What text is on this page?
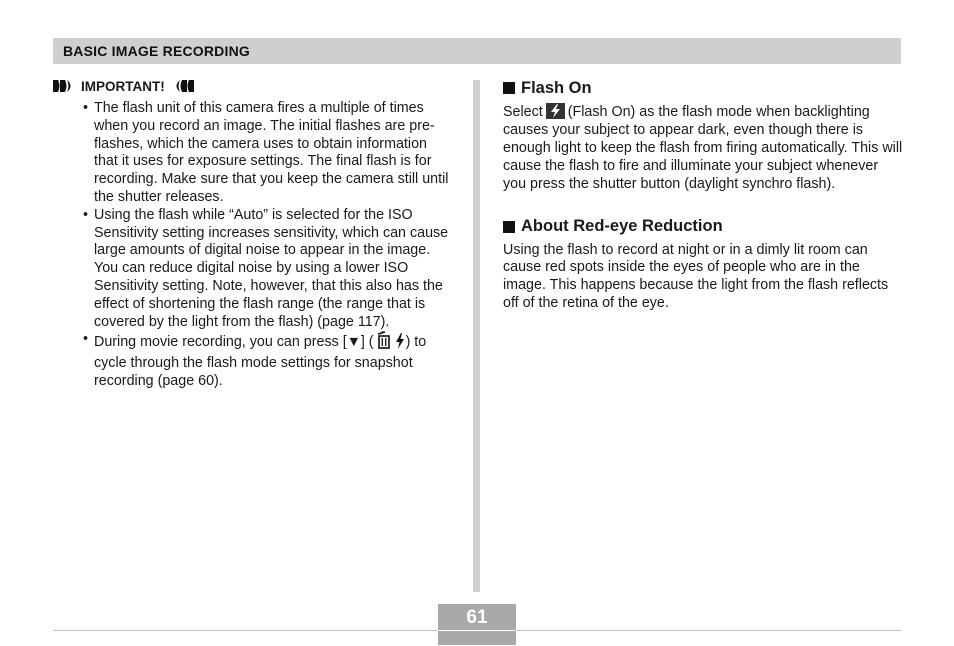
BASIC IMAGE RECORDING
IMPORTANT!
• The flash unit of this camera fires a multiple of times when you record an image. The initial flashes are pre-flashes, which the camera uses to obtain information that it uses for exposure settings. The final flash is for recording. Make sure that you keep the camera still until the shutter releases.
• Using the flash while “Auto” is selected for the ISO Sensitivity setting increases sensitivity, which can cause large amounts of digital noise to appear in the image. You can reduce digital noise by using a lower ISO Sensitivity setting. Note, however, that this also has the effect of shortening the flash range (the range that is covered by the light from the flash) (page 117).
• During movie recording, you can press [▼] ( ) to cycle through the flash mode settings for snapshot recording (page 60).
Flash On

Select (Flash On) as the flash mode when backlighting causes your subject to appear dark, even though there is enough light to keep the flash from firing automatically. This will cause the flash to fire and illuminate your subject whenever you press the shutter button (daylight synchro flash).

About Red-eye Reduction

Using the flash to record at night or in a dimly lit room can cause red spots inside the eyes of people who are in the image. This happens because the light from the flash reflects off of the retina of the eye.

61
